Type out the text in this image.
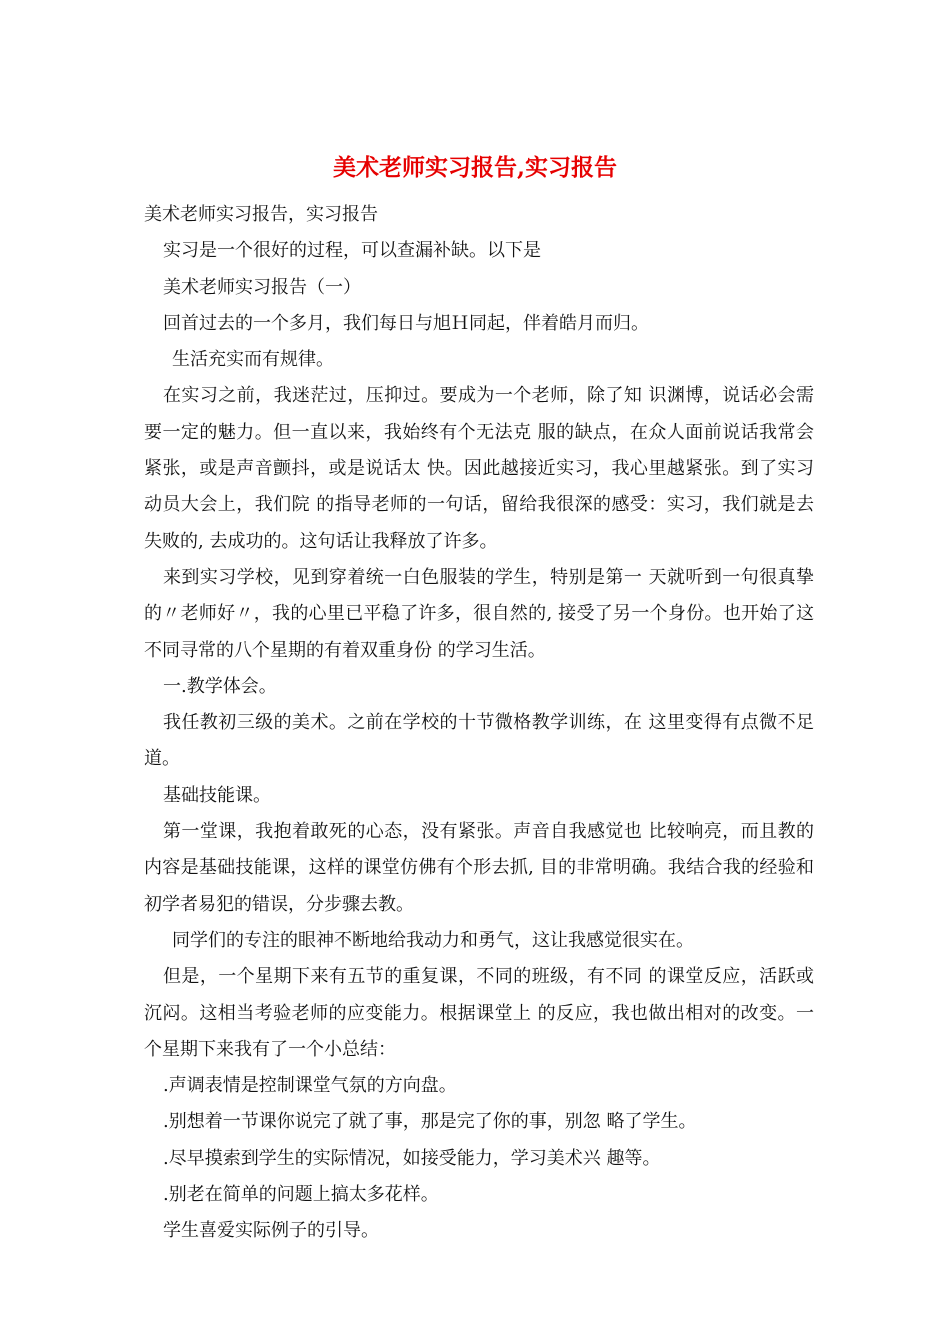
美术老师实习报告,实习报告

美术老师实习报告，实习报告

实习是一个很好的过程，可以查漏补缺。以下是

美术老师实习报告（一）

回首过去的一个多月，我们每日与旭Ｈ同起，伴着皓月而归。

生活充实而有规律。

在实习之前，我迷茫过，压抑过。要成为一个老师，除了知 识渊博，说话必会需要一定的魅力。但一直以来，我始终有个无法克 服的缺点，在众人面前说话我常会紧张，或是声音颤抖，或是说话太 快。因此越接近实习，我心里越紧张。到了实习动员大会上，我们院 的指导老师的一句话，留给我很深的感受：实习，我们就是去失败的, 去成功的。这句话让我释放了许多。

来到实习学校，见到穿着统一白色服装的学生，特别是第一 天就听到一句很真挚的〃老师好〃，我的心里已平稳了许多，很自然的, 接受了另一个身份。也开始了这不同寻常的八个星期的有着双重身份 的学习生活。

一.教学体会。

我任教初三级的美术。之前在学校的十节微格教学训练，在 这里变得有点微不足道。

基础技能课。

第一堂课，我抱着敢死的心态，没有紧张。声音自我感觉也 比较响亮，而且教的内容是基础技能课，这样的课堂仿佛有个形去抓, 目的非常明确。我结合我的经验和初学者易犯的错误，分步骤去教。

同学们的专注的眼神不断地给我动力和勇气，这让我感觉很实在。

但是，一个星期下来有五节的重复课，不同的班级，有不同 的课堂反应，活跃或沉闷。这相当考验老师的应变能力。根据课堂上 的反应，我也做出相对的改变。一个星期下来我有了一个小总结：

.声调表情是控制课堂气氛的方向盘。

.别想着一节课你说完了就了事，那是完了你的事，别忽 略了学生。

.尽早摸索到学生的实际情况，如接受能力，学习美术兴 趣等。

.别老在简单的问题上搞太多花样。

学生喜爱实际例子的引导。
